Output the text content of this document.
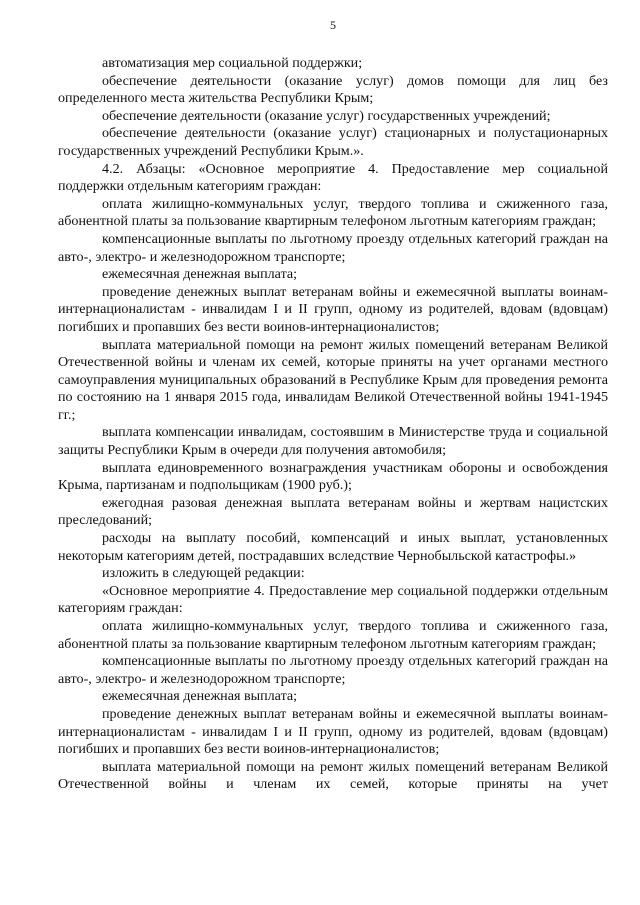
5

автоматизация мер социальной поддержки;

обеспечение деятельности (оказание услуг) домов помощи для лиц без определенного места жительства Республики Крым;

обеспечение деятельности (оказание услуг) государственных учреждений;

обеспечение деятельности (оказание услуг) стационарных и полустационарных государственных учреждений Республики Крым.».

4.2. Абзацы: «Основное мероприятие 4. Предоставление мер социальной поддержки отдельным категориям граждан:

оплата жилищно-коммунальных услуг, твердого топлива и сжиженного газа, абонентной платы за пользование квартирным телефоном льготным категориям граждан;

компенсационные выплаты по льготному проезду отдельных категорий граждан на авто-, электро- и железнодорожном транспорте;

ежемесячная денежная выплата;

проведение денежных выплат ветеранам войны и ежемесячной выплаты воинам-интернационалистам - инвалидам I и II групп, одному из родителей, вдовам (вдовцам) погибших и пропавших без вести воинов-интернационалистов;

выплата материальной помощи на ремонт жилых помещений ветеранам Великой Отечественной войны и членам их семей, которые приняты на учет органами местного самоуправления муниципальных образований в Республике Крым для проведения ремонта по состоянию на 1 января 2015 года, инвалидам Великой Отечественной войны 1941-1945 гг.;

выплата компенсации инвалидам, состоявшим в Министерстве труда и социальной защиты Республики Крым в очереди для получения автомобиля;

выплата единовременного вознаграждения участникам обороны и освобождения Крыма, партизанам и подпольщикам (1900 руб.);

ежегодная разовая денежная выплата ветеранам войны и жертвам нацистских преследований;

расходы на выплату пособий, компенсаций и иных выплат, установленных некоторым категориям детей, пострадавших вследствие Чернобыльской катастрофы.»

изложить в следующей редакции:

«Основное мероприятие 4. Предоставление мер социальной поддержки отдельным категориям граждан:

оплата жилищно-коммунальных услуг, твердого топлива и сжиженного газа, абонентной платы за пользование квартирным телефоном льготным категориям граждан;

компенсационные выплаты по льготному проезду отдельных категорий граждан на авто-, электро- и железнодорожном транспорте;

ежемесячная денежная выплата;

проведение денежных выплат ветеранам войны и ежемесячной выплаты воинам-интернационалистам - инвалидам I и II групп, одному из родителей, вдовам (вдовцам) погибших и пропавших без вести воинов-интернационалистов;

выплата материальной помощи на ремонт жилых помещений ветеранам Великой Отечественной войны и членам их семей, которые приняты на учет
